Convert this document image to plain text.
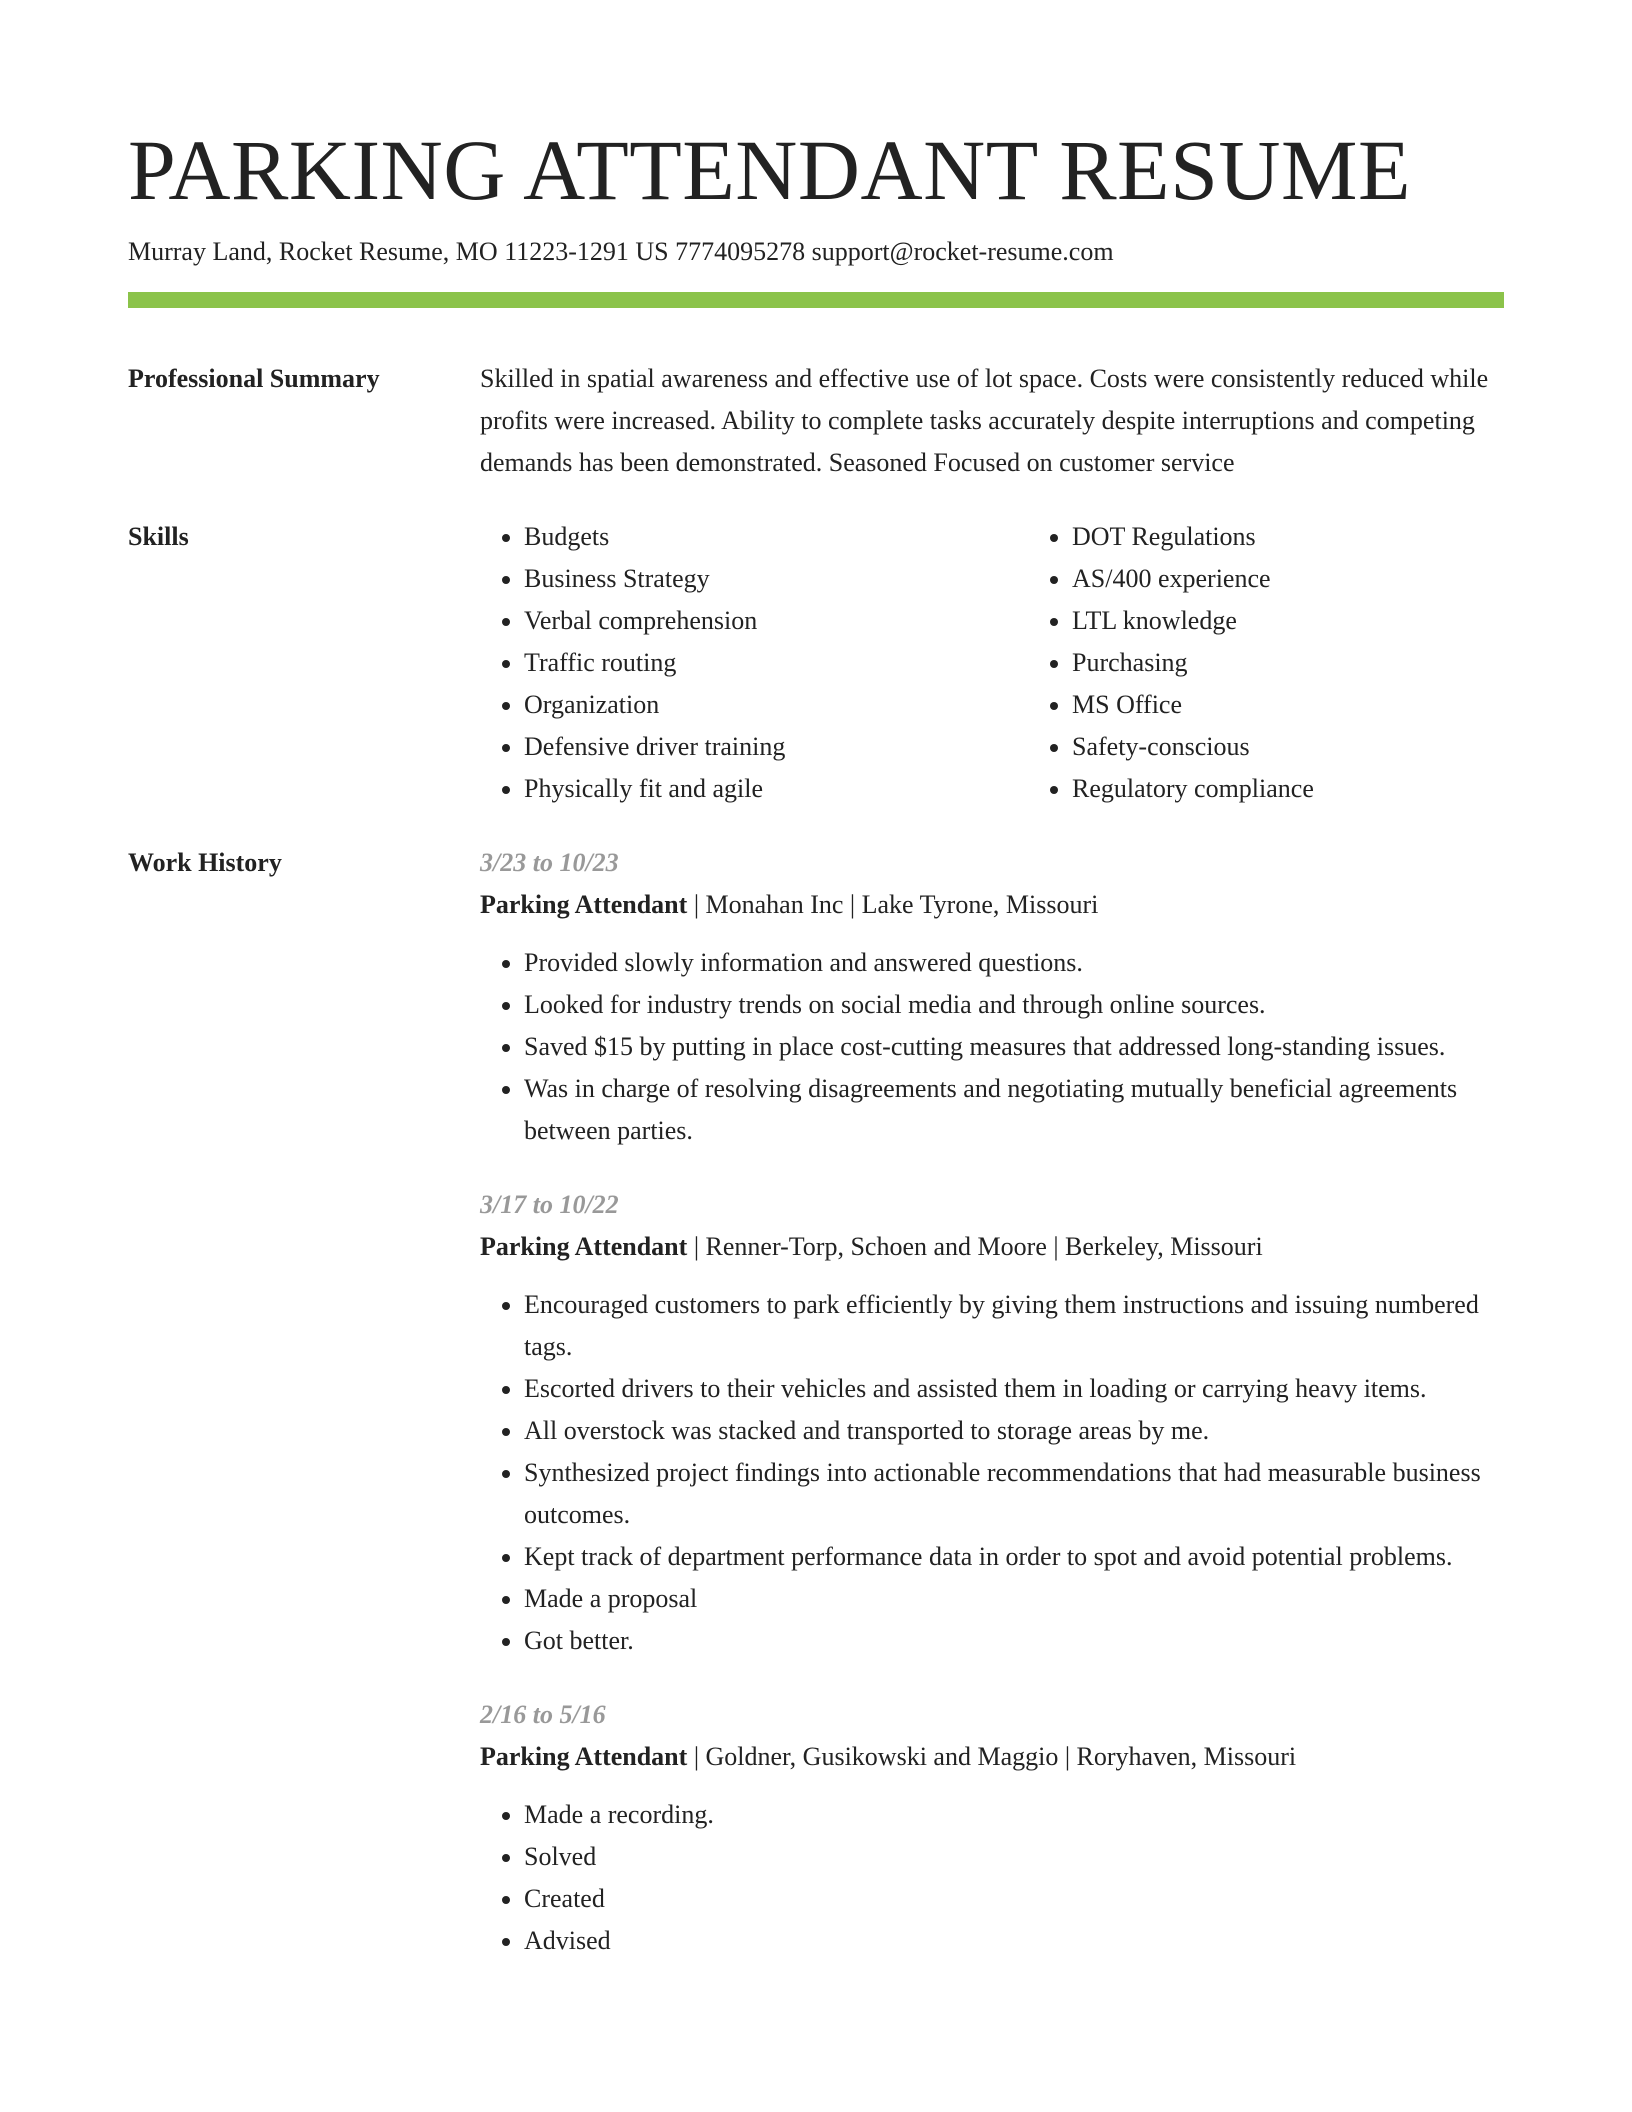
PARKING ATTENDANT RESUME
Murray Land, Rocket Resume, MO 11223-1291 US 7774095278 support@rocket-resume.com
Professional Summary	Skilled in spatial awareness and effective use of lot space. Costs were consistently reduced while profits were increased. Ability to complete tasks accurately despite interruptions and competing demands has been demonstrated. Seasoned Focused on customer service
Skills
•	Budgets
• Business Strategy
• Verbal comprehension
• Traffic routing
• Organization
• Defensive driver training
• Physically fit and agile
• DOT Regulations
• AS/400 experience
• LTL knowledge
• Purchasing
• MS Office
• Safety-conscious
• Regulatory compliance
Work History	3/23 to 10/23
Parking Attendant | Monahan Inc | Lake Tyrone, Missouri
• Provided slowly information and answered questions.
• Looked for industry trends on social media and through online sources.
• Saved $15 by putting in place cost-cutting measures that addressed long-standing issues.
• Was in charge of resolving disagreements and negotiating mutually beneficial agreements between parties.
3/17 to 10/22
Parking Attendant | Renner-Torp, Schoen and Moore | Berkeley, Missouri
• Encouraged customers to park efficiently by giving them instructions and issuing numbered tags.
• Escorted drivers to their vehicles and assisted them in loading or carrying heavy items.
• All overstock was stacked and transported to storage areas by me.
• Synthesized project findings into actionable recommendations that had measurable business outcomes.
• Kept track of department performance data in order to spot and avoid potential problems.
• Made a proposal
• Got better.
2/16 to 5/16
Parking Attendant | Goldner, Gusikowski and Maggio | Roryhaven, Missouri
• Made a recording.
• Solved
• Created
• Advised
